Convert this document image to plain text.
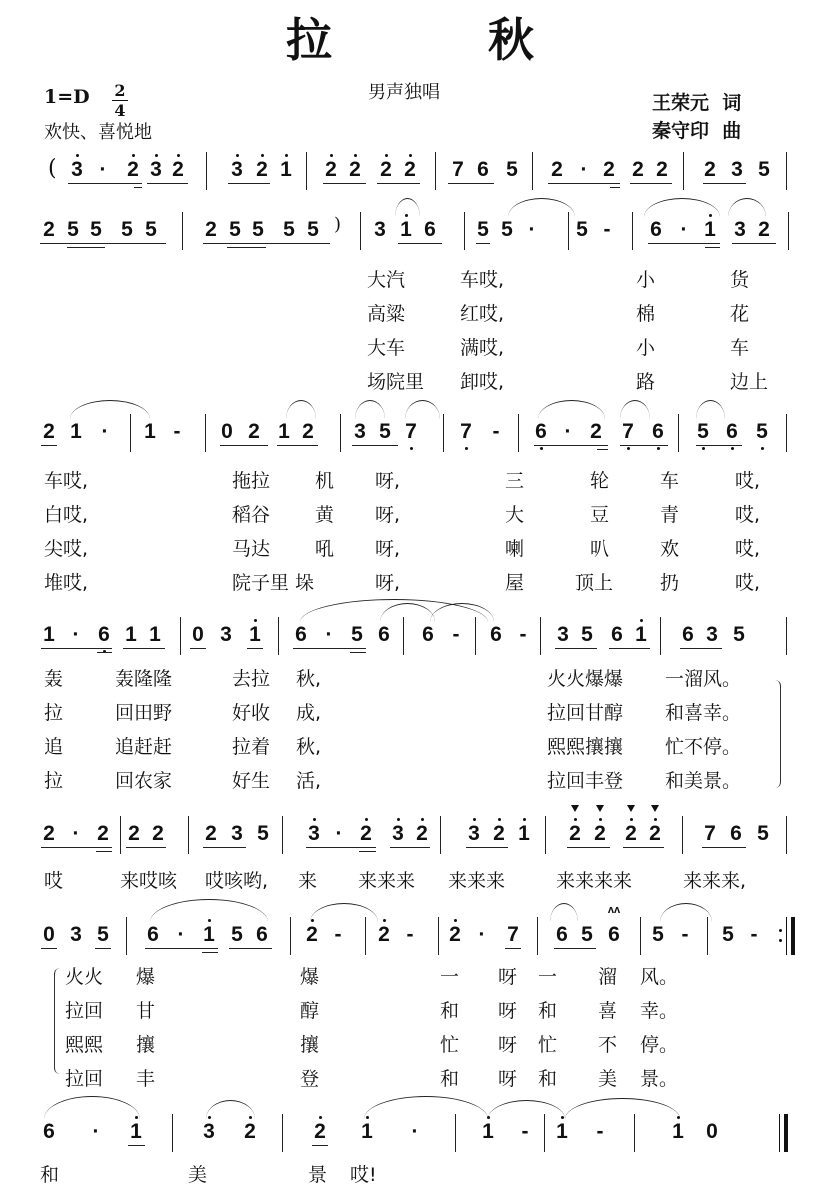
拉 秋
1=D 2
4
欢快、喜悦地
男声独唱	王荣元  词
秦守印  曲
( 3 · 2 3 2 3 2 1 2 2 2 2 7 6 5 2 · 2 2 2 2 3 5
2 5 5 5 5 2 5 5 5 5	3 1 6 5 5 · 5 - 6 · 1 3 2
)
大汽	车哎,	小	货
高粱	红哎,	棉	花
大车	满哎,	小	车
场院里 卸哎,	路	边上
2 1 · 1 - 0 2 1 2 3 5 7 7 - 6 · 2 7 6 5 6 5
车哎,	拖拉 机 呀,	三	轮	车	哎,
白哎,	稻谷 黄 呀,	大	豆	青	哎,
尖哎,	马达 吼 呀,	喇	叭	欢	哎,
堆哎,	院子里 垛	呀,	屋	顶上 扔	哎,
1 · 6 1 1 0 3 1 6 · 5 6 6 - 6 - 3 5 6 1 6 3 5
轰	轰隆隆	去拉 秋,	火火爆爆 一溜风。
拉	回田野	好收 成,	拉回甘醇 和喜幸。
追	追赶赶	拉着 秋,	熙熙攘攘 忙不停。
拉	回农家	好生 活,	拉回丰登 和美景。
2 · 2 2 2 2 3 5 3 · 2 3 2 3 2 1 2 2 2 2 7 6 5
哎	来哎咳 哎咳哟, 来 来来来 来来来	来来来来	来来来,
0 3 5 6 · 1 5 6 2 - 2 - 2 · 7 6 5 6 5 - 5 -
ʌʌ
火火 爆	爆	一 呀 一 溜 风。
拉回 甘	醇	和 呀 和 喜 幸。
熙熙 攘	攘	忙 呀 忙 不 停。
拉回 丰	登	和 呀 和 美 景。
6 · 1	3 2	2 1 ·	1 - 1 -	1 0
和	美	景 哎!
